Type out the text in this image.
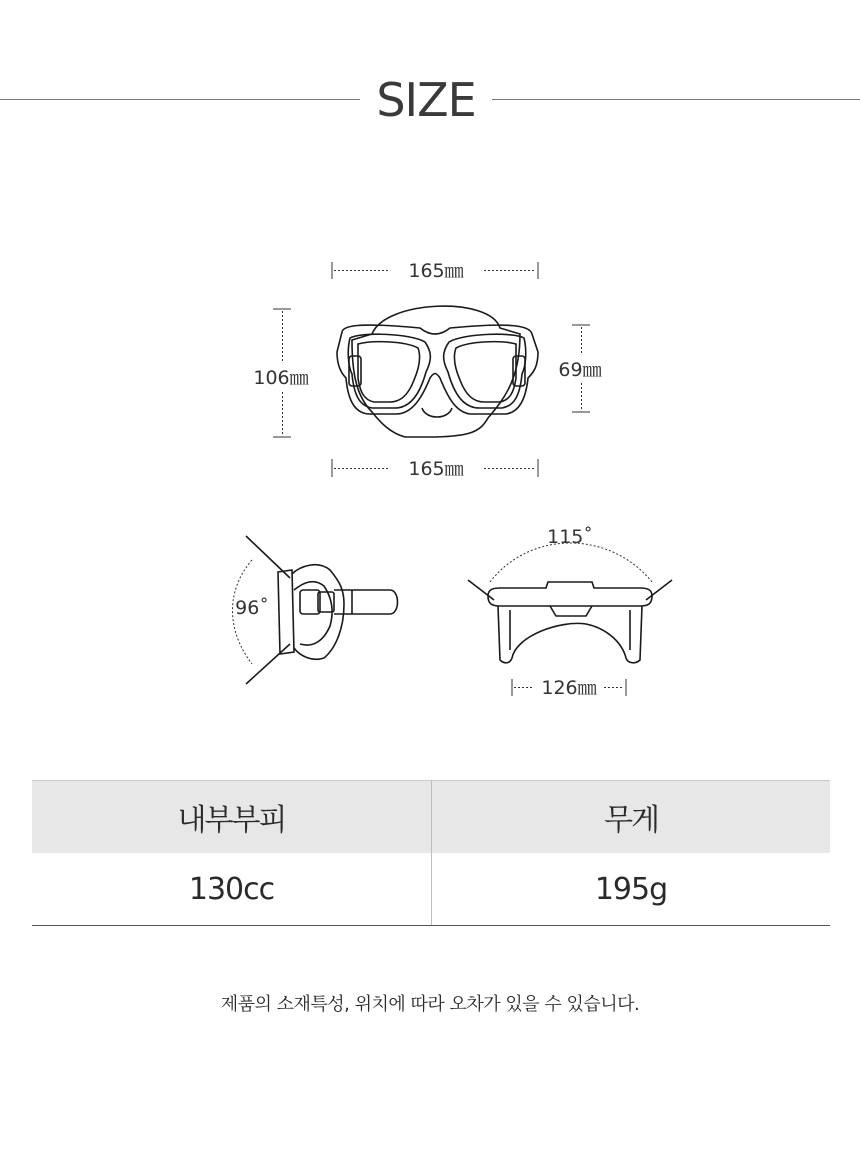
SIZE
165㎜
106㎜	69㎜
165㎜
96˚
115˚
126㎜
내부부피	무게
130cc	195g
제품의 소재특성, 위치에 따라 오차가 있을 수 있습니다.
